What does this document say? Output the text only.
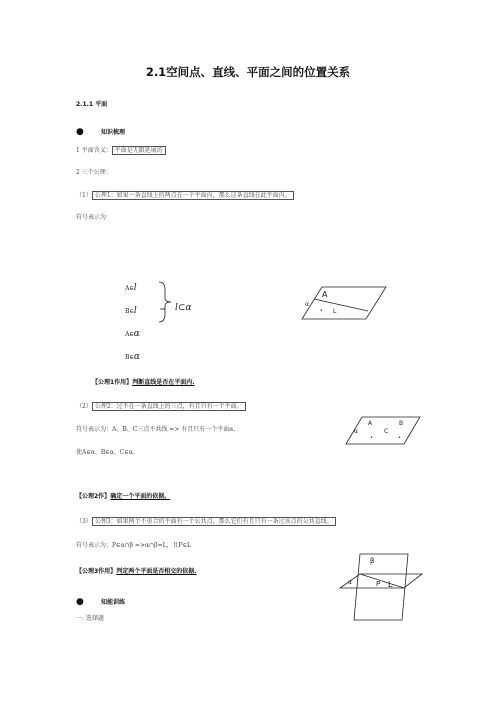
2.1空间点、直线、平面之间的位置关系
2.1.1 平面
●	知识梳理
1 平面含义： 平面是无限延展的
2 三个公理：
（1） 公理1：如果一条直线上的两点在一个平面内，那么这条直线在此平面内。
符号表示为
A∈l
B∈l
A∈α
B∈α
⇒ l⊂α
A
• L
α
【公理1作用】判断直线是否在平面内.
（2） 公理2：过不在一条直线上的三点，有且只有一个平面。
符号表示为：A、B、C三点不共线 => 有且只有一个平面α，
使A∈α、B∈α、C∈α。
A	B
C
α
•	•
【公理2作】确定一个平面的依据。
（3） 公理3：如果两个不重合的平面有一个公共点，那么它们有且只有一条过该点的公共直线。
符号表示为：P∈α∩β =>α∩β=L，且P∈L
【公理3作用】判定两个平面是否相交的依据.
β
α	P L
●	知能训练
一. 选择题
